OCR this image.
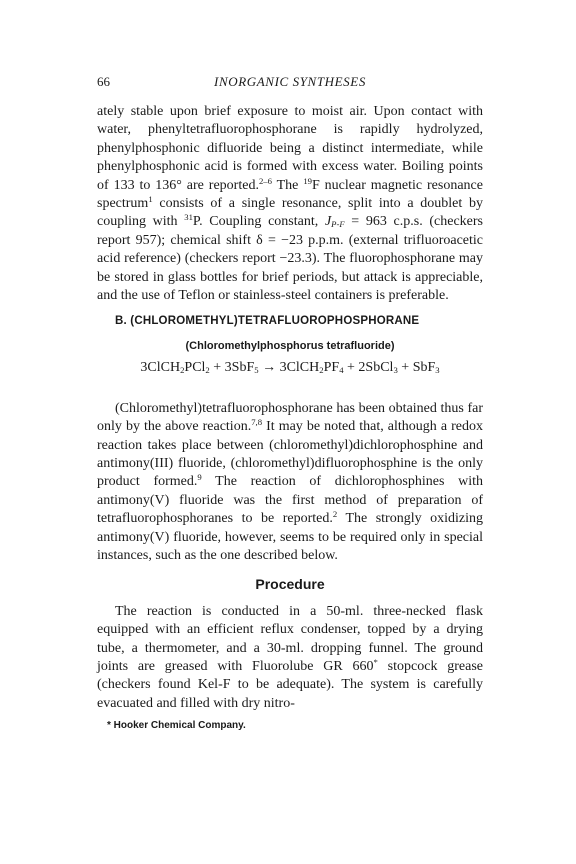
66	INORGANIC SYNTHESES

ately stable upon brief exposure to moist air. Upon contact with water, phenyltetrafluorophosphorane is rapidly hydrolyzed, phenylphosphonic difluoride being a distinct intermediate, while phenylphosphonic acid is formed with excess water. Boiling points of 133 to 136° are reported.$^{2-6}$ The $^{19}$F nuclear magnetic resonance spectrum$^1$ consists of a single resonance, split into a doublet by coupling with $^{31}$P. Coupling constant, $J_{P-F} = 963$ c.p.s. (checkers report 957); chemical shift δ = −23 p.p.m. (external trifluoroacetic acid reference) (checkers report −23.3). The fluorophosphorane may be stored in glass bottles for brief periods, but attack is appreciable, and the use of Teflon or stainless-steel containers is preferable.

B. (CHLOROMETHYL)TETRAFLUOROPHOSPHORANE
(Chloromethylphosphorus tetrafluoride)
3ClCH$_2$PCl$_2$ + $3SbF_5 \to 3ClCH_2PF_4$ + 2SbCl$_3$ + SbF$_3$

(Chloromethyl)tetrafluorophosphorane has been obtained thus far only by the above reaction.$^{7,8}$ It may be noted that, although a redox reaction takes place between (chloromethyl)dichlorophosphine and antimony(III) fluoride, (chloromethyl)difluorophosphine is the only product formed.$^9$ The reaction of dichlorophosphines with antimony(V) fluoride was the first method of preparation of tetrafluorophosphoranes to be reported.$^2$ The strongly oxidizing antimony(V) fluoride, however, seems to be required only in special instances, such as the one described below.

Procedure

The reaction is conducted in a 50-ml. three-necked flask equipped with an efficient reflux condenser, topped by a drying tube, a thermometer, and a 30-ml. dropping funnel. The ground joints are greased with Fluorolube GR 660* stopcock grease (checkers found Kel-F to be adequate). The system is carefully evacuated and filled with dry nitro-

* Hooker Chemical Company.
